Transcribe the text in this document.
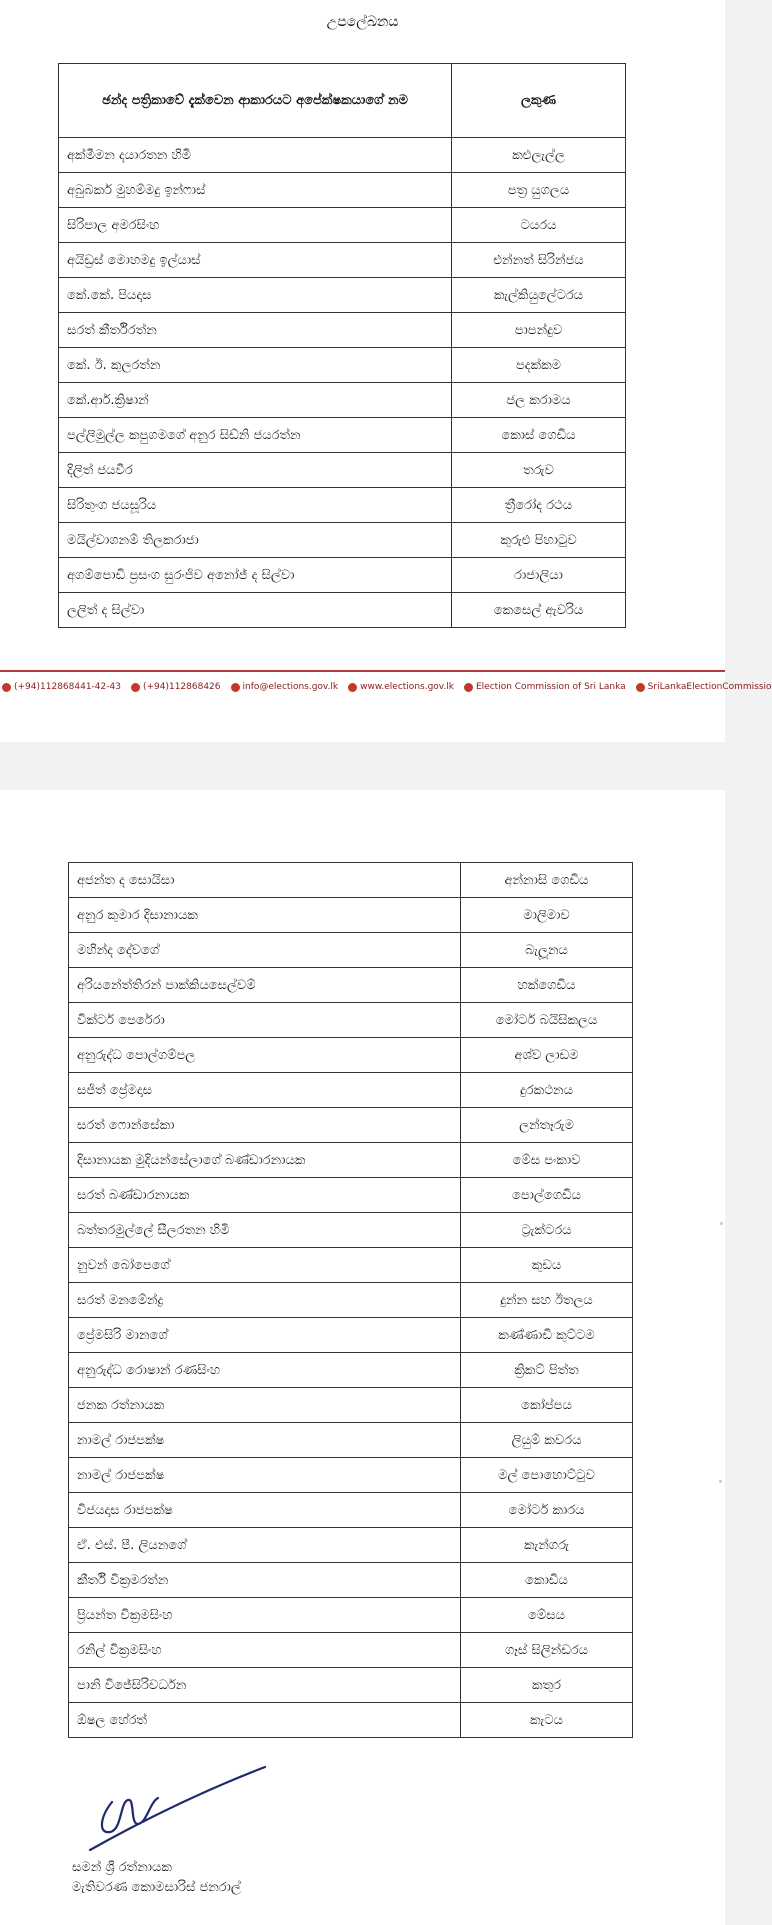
උපලේඛනය
ඡන්ද පත්‍රිකාවේ දැක්වෙන ආකාරයට අපේක්ෂකයාගේ නම	ලකුණ
අක්මීමන දයාරතන හිමි	කළුලැල්ල
අබුබකර් මුහම්මදු ඉන්ෆාස්	පත්‍ර යුගලය
සිරිපාල අමරසිංහ	ටයරය
අයිඩ්‍රස් මොහමදු ඉල්යාස්	එන්නත් සිරින්ජය
කේ.කේ. පියදාස	කැල්කියුලේටරය
සරත් කීර්තිරත්න	පාපන්දුව
කේ. ඊ. කුලරත්න	පදක්කම
කේ.ආර්.ක්‍රිෂාන්	ජල කරාමය
පල්ලිමුල්ල කපුගමගේ අනුර සිඩ්නි ජයරත්න	කොස් ගෙඩිය
දිලිත් ජයවීර	තරුව
සිරිතුංග ජයසූරිය	ත්‍රීරෝද රථය
මයිල්වාගනම් තිලකරාජා	කුරුළු පිහාටුව
අගම්පොඩි ප්‍රසංග සුරංජිව අනෝජ් ද සිල්වා	රාජාලියා
ලලිත් ද සිල්වා	කෙසෙල් ඇවරිය
(+94)112868441-42-43 (+94)112868426 info@elections.gov.lk www.elections.gov.lk Election Commission of Sri Lanka SriLankaElectionCommissio
අජන්ත ද සොයිසා	අන්නාසි ගෙඩිය
අනුර කුමාර දිසානායක	මාලිමාව
මහින්ද දේවගේ	බැලූනය
අරියනේත්තිරන් පාක්කියසෙල්වම්	හක්ගෙඩිය
වික්ටර් පෙරේරා	මෝටර් බයිසිකලය
අනුරුද්ධ පොල්ගම්පල	අශ්ව ලාඩම
සජිත් ප්‍රේමදාස	දුරකථනය
සරත් ෆොන්සේකා	ලන්තෑරුම
දිසානායක මුදියන්සේලාගේ බණ්ඩාරනායක	මේස පංකාව
සරත් බණ්ඩාරනායක	පොල්ගෙඩිය
බත්තරමුල්ලේ සීලරතන හිමි	ට්‍රැක්ටරය
නුවන් බෝපෙගේ	කුඩය
සරත් මනමේන්ද්‍ර	දුන්න සහ ඊතලය
ප්‍රේමසිරි මානගේ	කණ්ණාඩි කුට්ටම
අනුරුද්ධ රොෂාන් රණසිංහ	ක්‍රිකට් පිත්ත
ජනක රත්නායක	කෝප්පය
නාමල් රාජපක්ෂ	ලියුම් කවරය
නාමල් රාජපක්ෂ	මල් පොහොට්ටුව
විජයදාස රාජපක්ෂ	මෝටර් කාරය
ඒ. එස්. පී. ලියනගේ	කැන්ගරු
කීර්ති වික්‍රමරත්න	කොඩිය
ප්‍රියන්ත වික්‍රමසිංහ	මේසය
රනිල් වික්‍රමසිංහ	ගෑස් සිලින්ඩරය
පානි විජේසිරිවර්ධන	කතුර
ඕෂල හේරත්	කැටය
සමන් ශ්‍රී රත්නායක
මැතිවරණ කොමසාරිස් ජනරාල්
